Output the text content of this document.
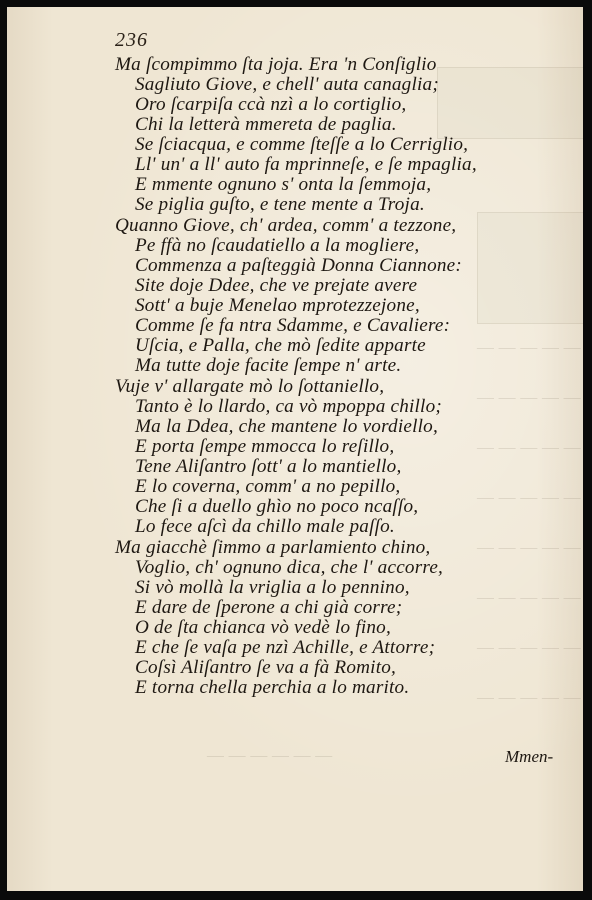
— — — — —
— — — — —
— — — — —
— — — — —
— — — — —
— — — — —
— — — — —
— — — — —
— — — — — —
236
Ma ſcompimmo ſta joja. Era 'n Conſiglio
Sagliuto Giove, e chell' auta canaglia;
Oro ſcarpiſa ccà nzì a lo cortiglio,
Chi la letterà mmereta de paglia.
Se ſciacqua, e comme ſteſſe a lo Cerriglio,
Ll' un' a ll' auto fa mprinneſe, e ſe mpaglia,
E mmente ognuno s' onta la ſemmoja,
Se piglia guſto, e tene mente a Troja.
Quanno Giove, ch' ardea, comm' a tezzone,
Pe ffà no ſcaudatiello a la mogliere,
Commenza a paſteggià Donna Ciannone:
Site doje Ddee, che ve prejate avere
Sott' a buje Menelao mprotezzejone,
Comme ſe fa ntra Sdamme, e Cavaliere:
Uſcia, e Palla, che mò ſedite apparte
Ma tutte doje facite ſempe n' arte.
Vuje v' allargate mò lo ſottaniello,
Tanto è lo llardo, ca vò mpoppa chillo;
Ma la Ddea, che mantene lo vordiello,
E porta ſempe mmocca lo reſillo,
Tene Aliſantro ſott' a lo mantiello,
E lo coverna, comm' a no pepillo,
Che ſi a duello ghìo no poco ncaſſo,
Lo fece aſcì da chillo male paſſo.
Ma giacchè ſimmo a parlamiento chino,
Voglio, ch' ognuno dica, che l' accorre,
Si vò mollà la vriglia a lo pennino,
E dare de ſperone a chi già corre;
O de ſta chianca vò vedè lo fino,
E che ſe vaſa pe nzì Achille, e Attorre;
Coſsì Aliſantro ſe va a fà Romito,
E torna chella perchia a lo marito.
Mmen-
